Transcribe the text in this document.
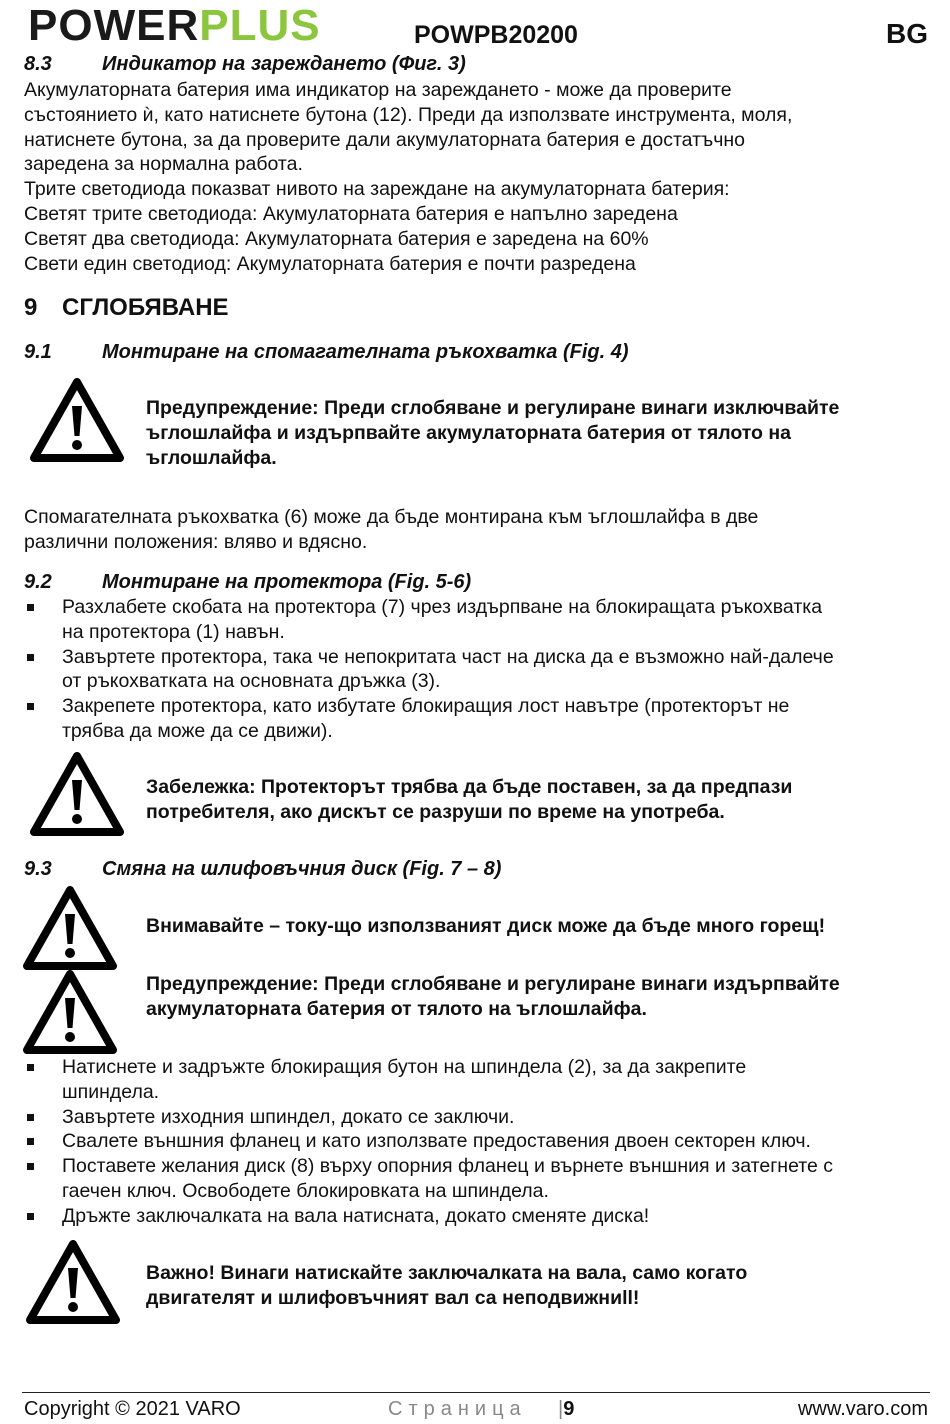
POWERPLUS	POWPB20200	BG
8.3	Индикатор на зареждането (Фиг. 3)
Акумулаторната батерия има индикатор на зареждането - може да проверите
състоянието ѝ, като натиснете бутона (12). Преди да използвате инструмента, моля,
натиснете бутона, за да проверите дали акумулаторната батерия е достатъчно
заредена за нормална работа.
Трите светодиода показват нивото на зареждане на акумулаторната батерия:
Светят трите светодиода: Акумулаторната батерия е напълно заредена
Светят два светодиода: Акумулаторната батерия е заредена на 60%
Свети един светодиод: Акумулаторната батерия е почти разредена
9 СГЛОБЯВАНЕ
9.1	Монтиране на спомагателната ръкохватка (Fig. 4)
Предупреждение: Преди сглобяване и регулиране винаги изключвайте
ъглошлайфа и издърпвайте акумулаторната батерия от тялото на
ъглошлайфа.
Спомагателната ръкохватка (6) може да бъде монтирана към ъглошлайфа в две
различни положения: вляво и вдясно.
9.2	Монтиране на протектора (Fig. 5-6)
Разхлабете скобата на протектора (7) чрез издърпване на блокиращата ръкохватка
на протектора (1) навън.
Завъртете протектора, така че непокритата част на диска да е възможно най-далече
от ръкохватката на основната дръжка (3).
Закрепете протектора, като избутате блокиращия лост навътре (протекторът не
трябва да може да се движи).
Забележка: Протекторът трябва да бъде поставен, за да предпази
потребителя, ако дискът се разруши по време на употреба.
9.3	Смяна на шлифовъчния диск (Fig. 7 – 8)
Внимавайте – току-що използваният диск може да бъде много горещ!
Предупреждение: Преди сглобяване и регулиране винаги издърпвайте
акумулаторната батерия от тялото на ъглошлайфа.
Натиснете и задръжте блокиращия бутон на шпиндела (2), за да закрепите
шпиндела.
Завъртете изходния шпиндел, докато се заключи.
Свалете външния фланец и като използвате предоставения двоен секторен ключ.
Поставете желания диск (8) върху опорния фланец и върнете външния и затегнете с
гаечен ключ. Освободете блокировката на шпиндела.
Дръжте заключалката на вала натисната, докато сменяте диска!
Важно! Винаги натискайте заключалката на вала, само когато
двигателят и шлифовъчният вал са неподвижниll!
Copyright © 2021 VARO	Страница |9	www.varo.com
